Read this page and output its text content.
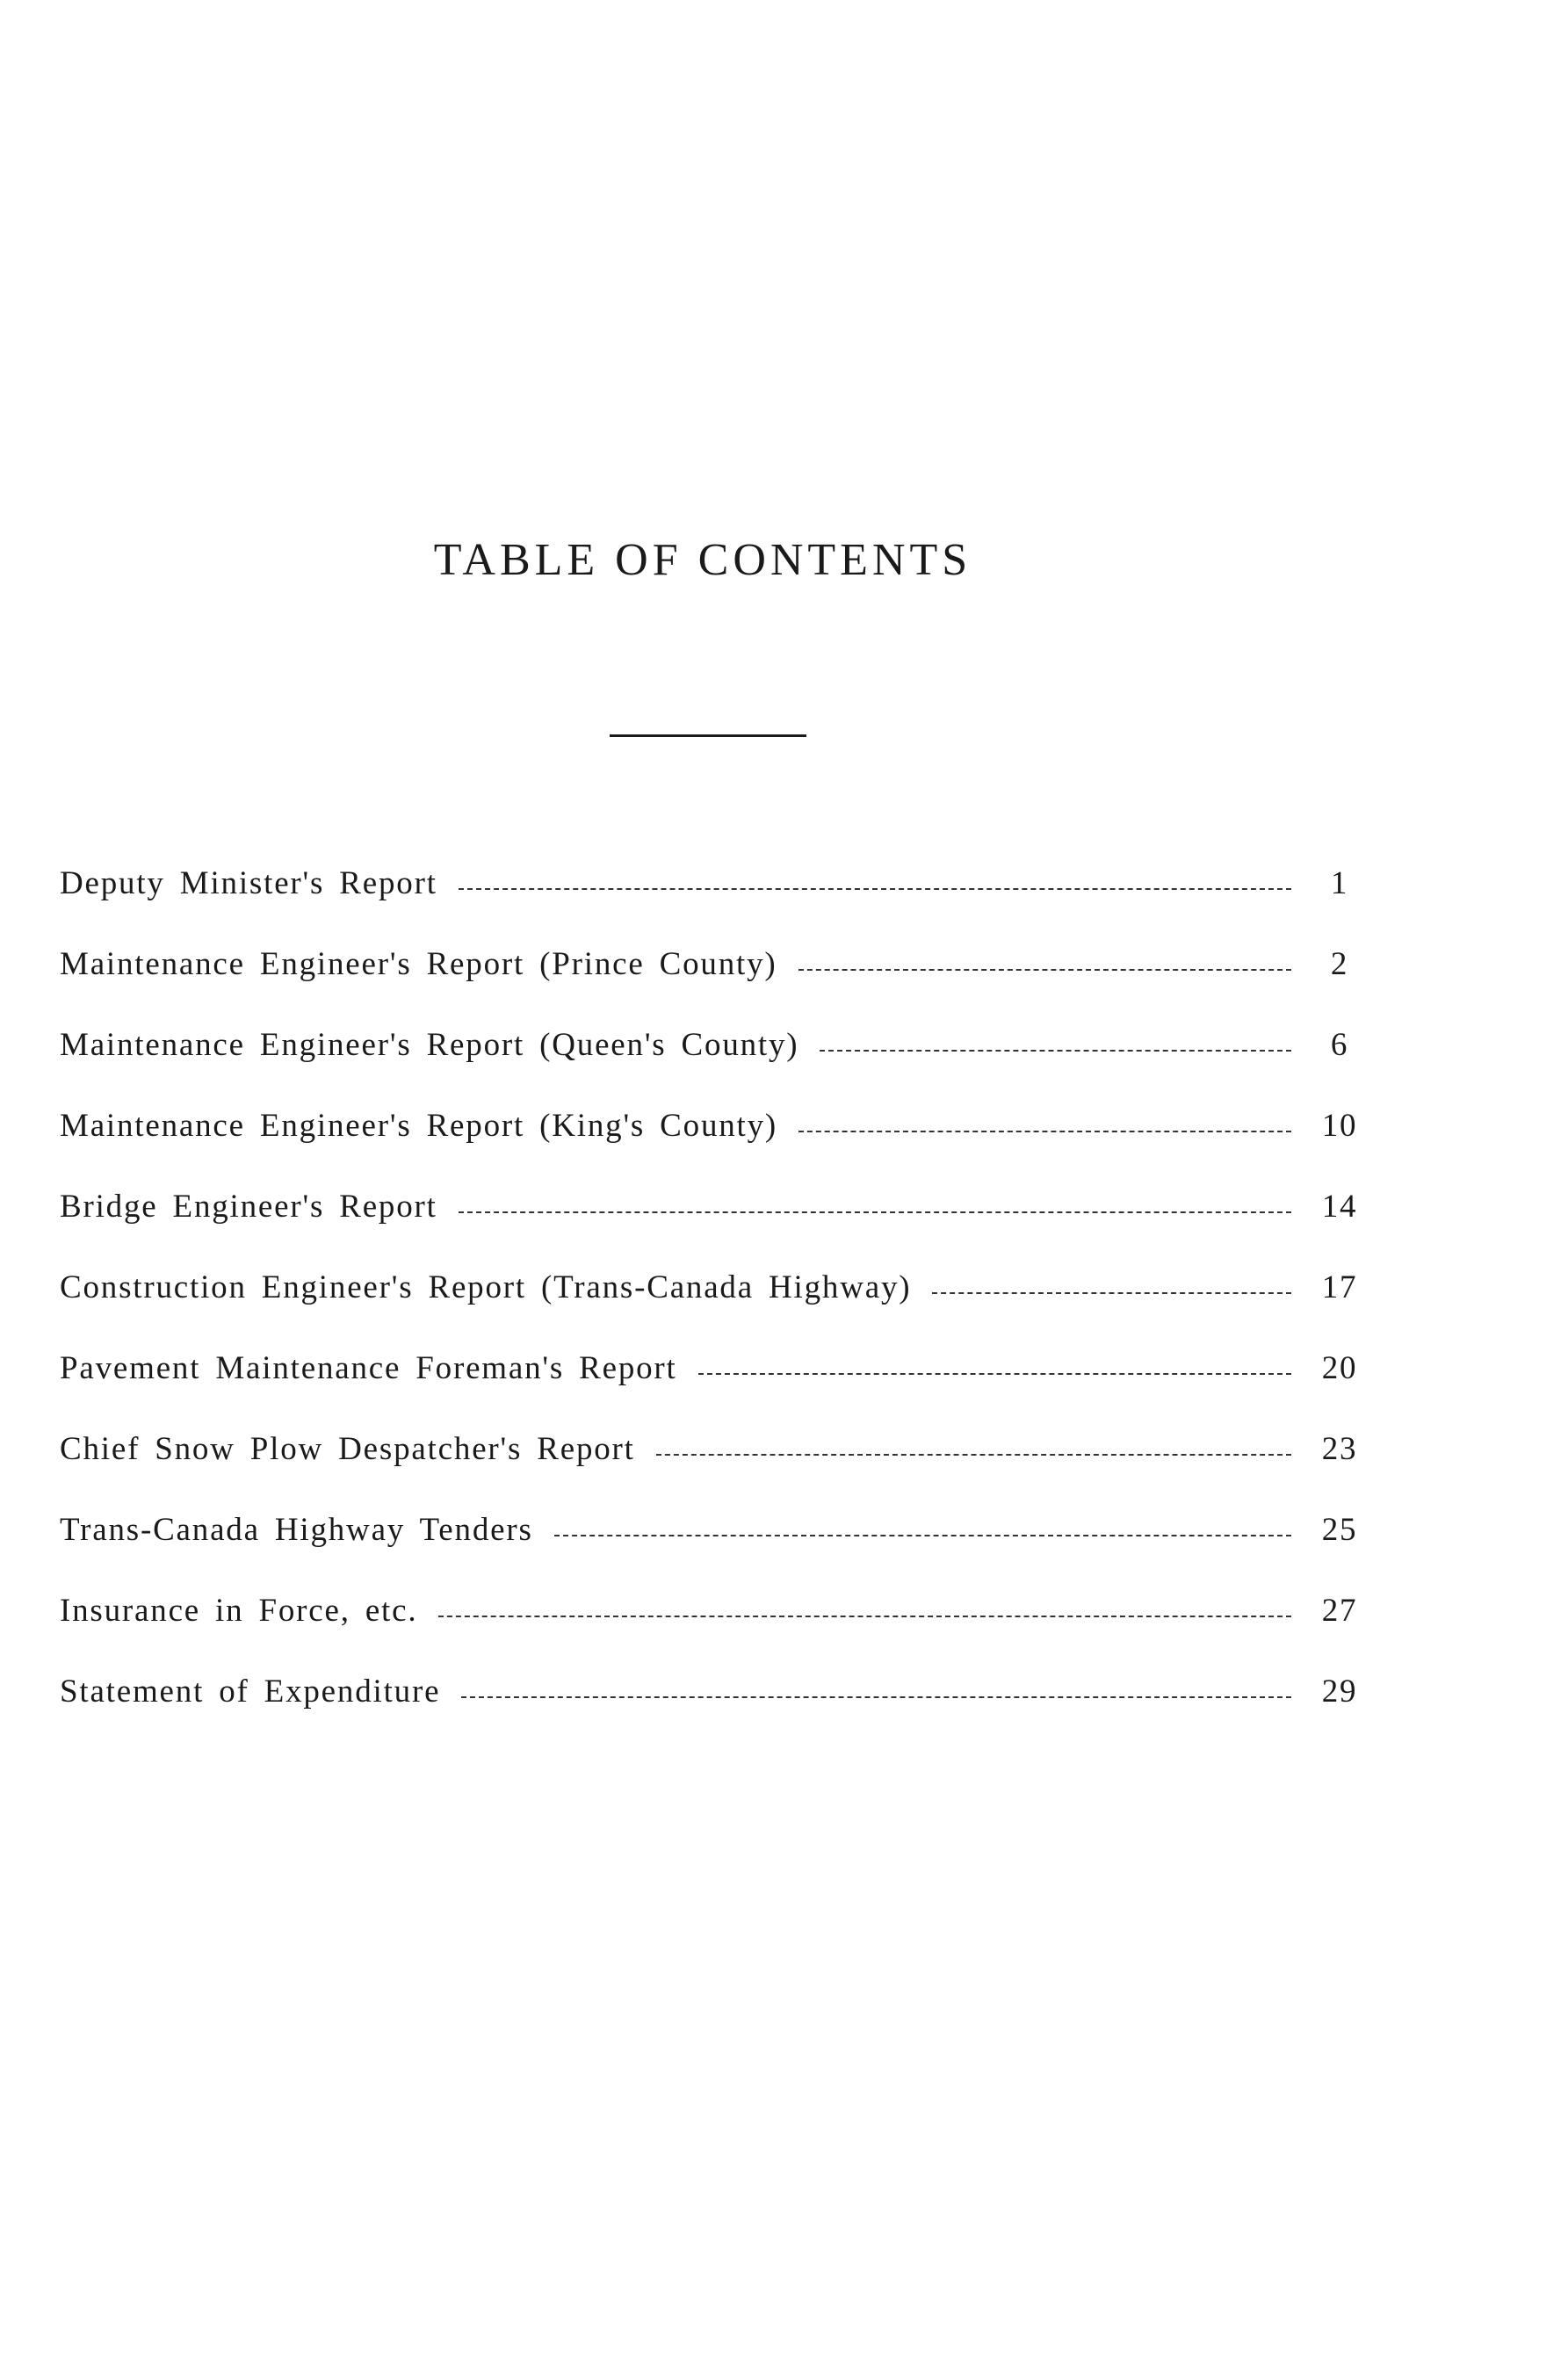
TABLE OF CONTENTS
Deputy Minister's Report	1
Maintenance Engineer's Report (Prince County)	2
Maintenance Engineer's Report (Queen's County)	6
Maintenance Engineer's Report (King's County)	10
Bridge Engineer's Report	14
Construction Engineer's Report (Trans-Canada Highway)	17
Pavement Maintenance Foreman's Report	20
Chief Snow Plow Despatcher's Report	23
Trans-Canada Highway Tenders	25
Insurance in Force, etc.	27
Statement of Expenditure	29
